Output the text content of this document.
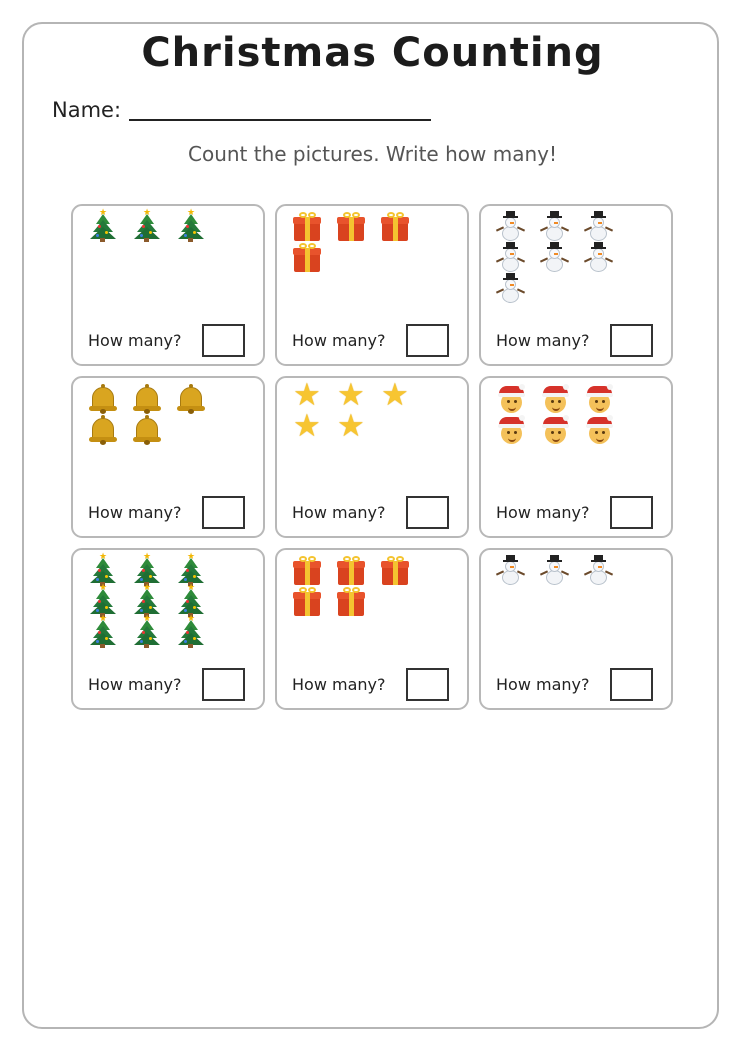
Christmas Counting
Name:
Count the pictures. Write how many!
★	★	★
How many?	How many?	How many?
How many?
★ ★ ★
★ ★
How many?	How many?
★	★	★
★	★	★
★	★	★
How many?	How many?	How many?
